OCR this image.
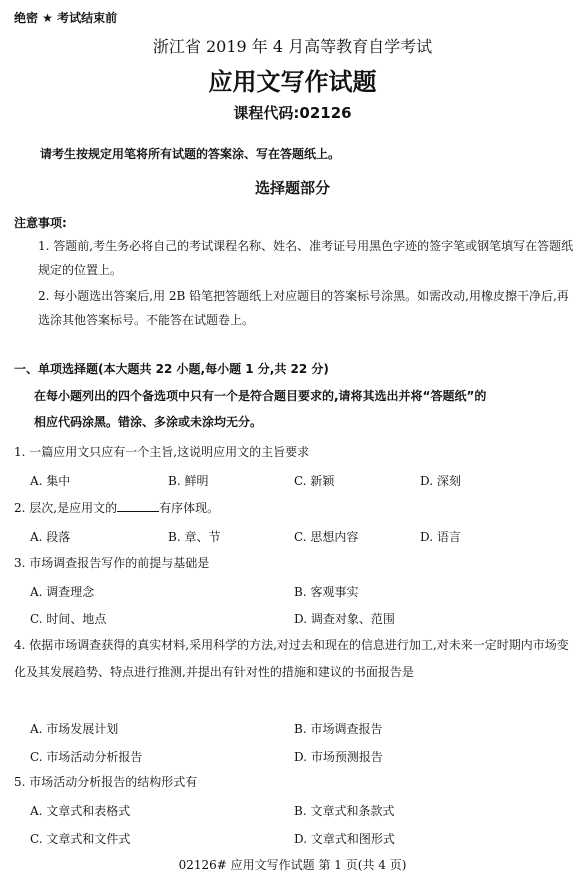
绝密 ★ 考试结束前
浙江省 2019 年 4 月高等教育自学考试
应用文写作试题
课程代码:02126
请考生按规定用笔将所有试题的答案涂、写在答题纸上。
选择题部分
注意事项:
1. 答题前,考生务必将自己的考试课程名称、姓名、准考证号用黑色字迹的签字笔或钢笔填写在答题纸规定的位置上。
2. 每小题选出答案后,用 2B 铅笔把答题纸上对应题目的答案标号涂黑。如需改动,用橡皮擦干净后,再选涂其他答案标号。不能答在试题卷上。
一、单项选择题(本大题共 22 小题,每小题 1 分,共 22 分)
在每小题列出的四个备选项中只有一个是符合题目要求的,请将其选出并将“答题纸”的
相应代码涂黑。错涂、多涂或未涂均无分。
1. 一篇应用文只应有一个主旨,这说明应用文的主旨要求
A. 集中	B. 鲜明	C. 新颖	D. 深刻
2. 层次,是应用文的	有序体现。
A. 段落	B. 章、节	C. 思想内容	D. 语言
3. 市场调查报告写作的前提与基础是
A. 调查理念	B. 客观事实
C. 时间、地点	D. 调查对象、范围
4. 依据市场调查获得的真实材料,采用科学的方法,对过去和现在的信息进行加工,对未来一定时期内市场变化及其发展趋势、特点进行推测,并提出有针对性的措施和建议的书面报告是
A. 市场发展计划	B. 市场调查报告
C. 市场活动分析报告	D. 市场预测报告
5. 市场活动分析报告的结构形式有
A. 文章式和表格式	B. 文章式和条款式
C. 文章式和文件式	D. 文章式和图形式
02126# 应用文写作试题 第 1 页(共 4 页)
